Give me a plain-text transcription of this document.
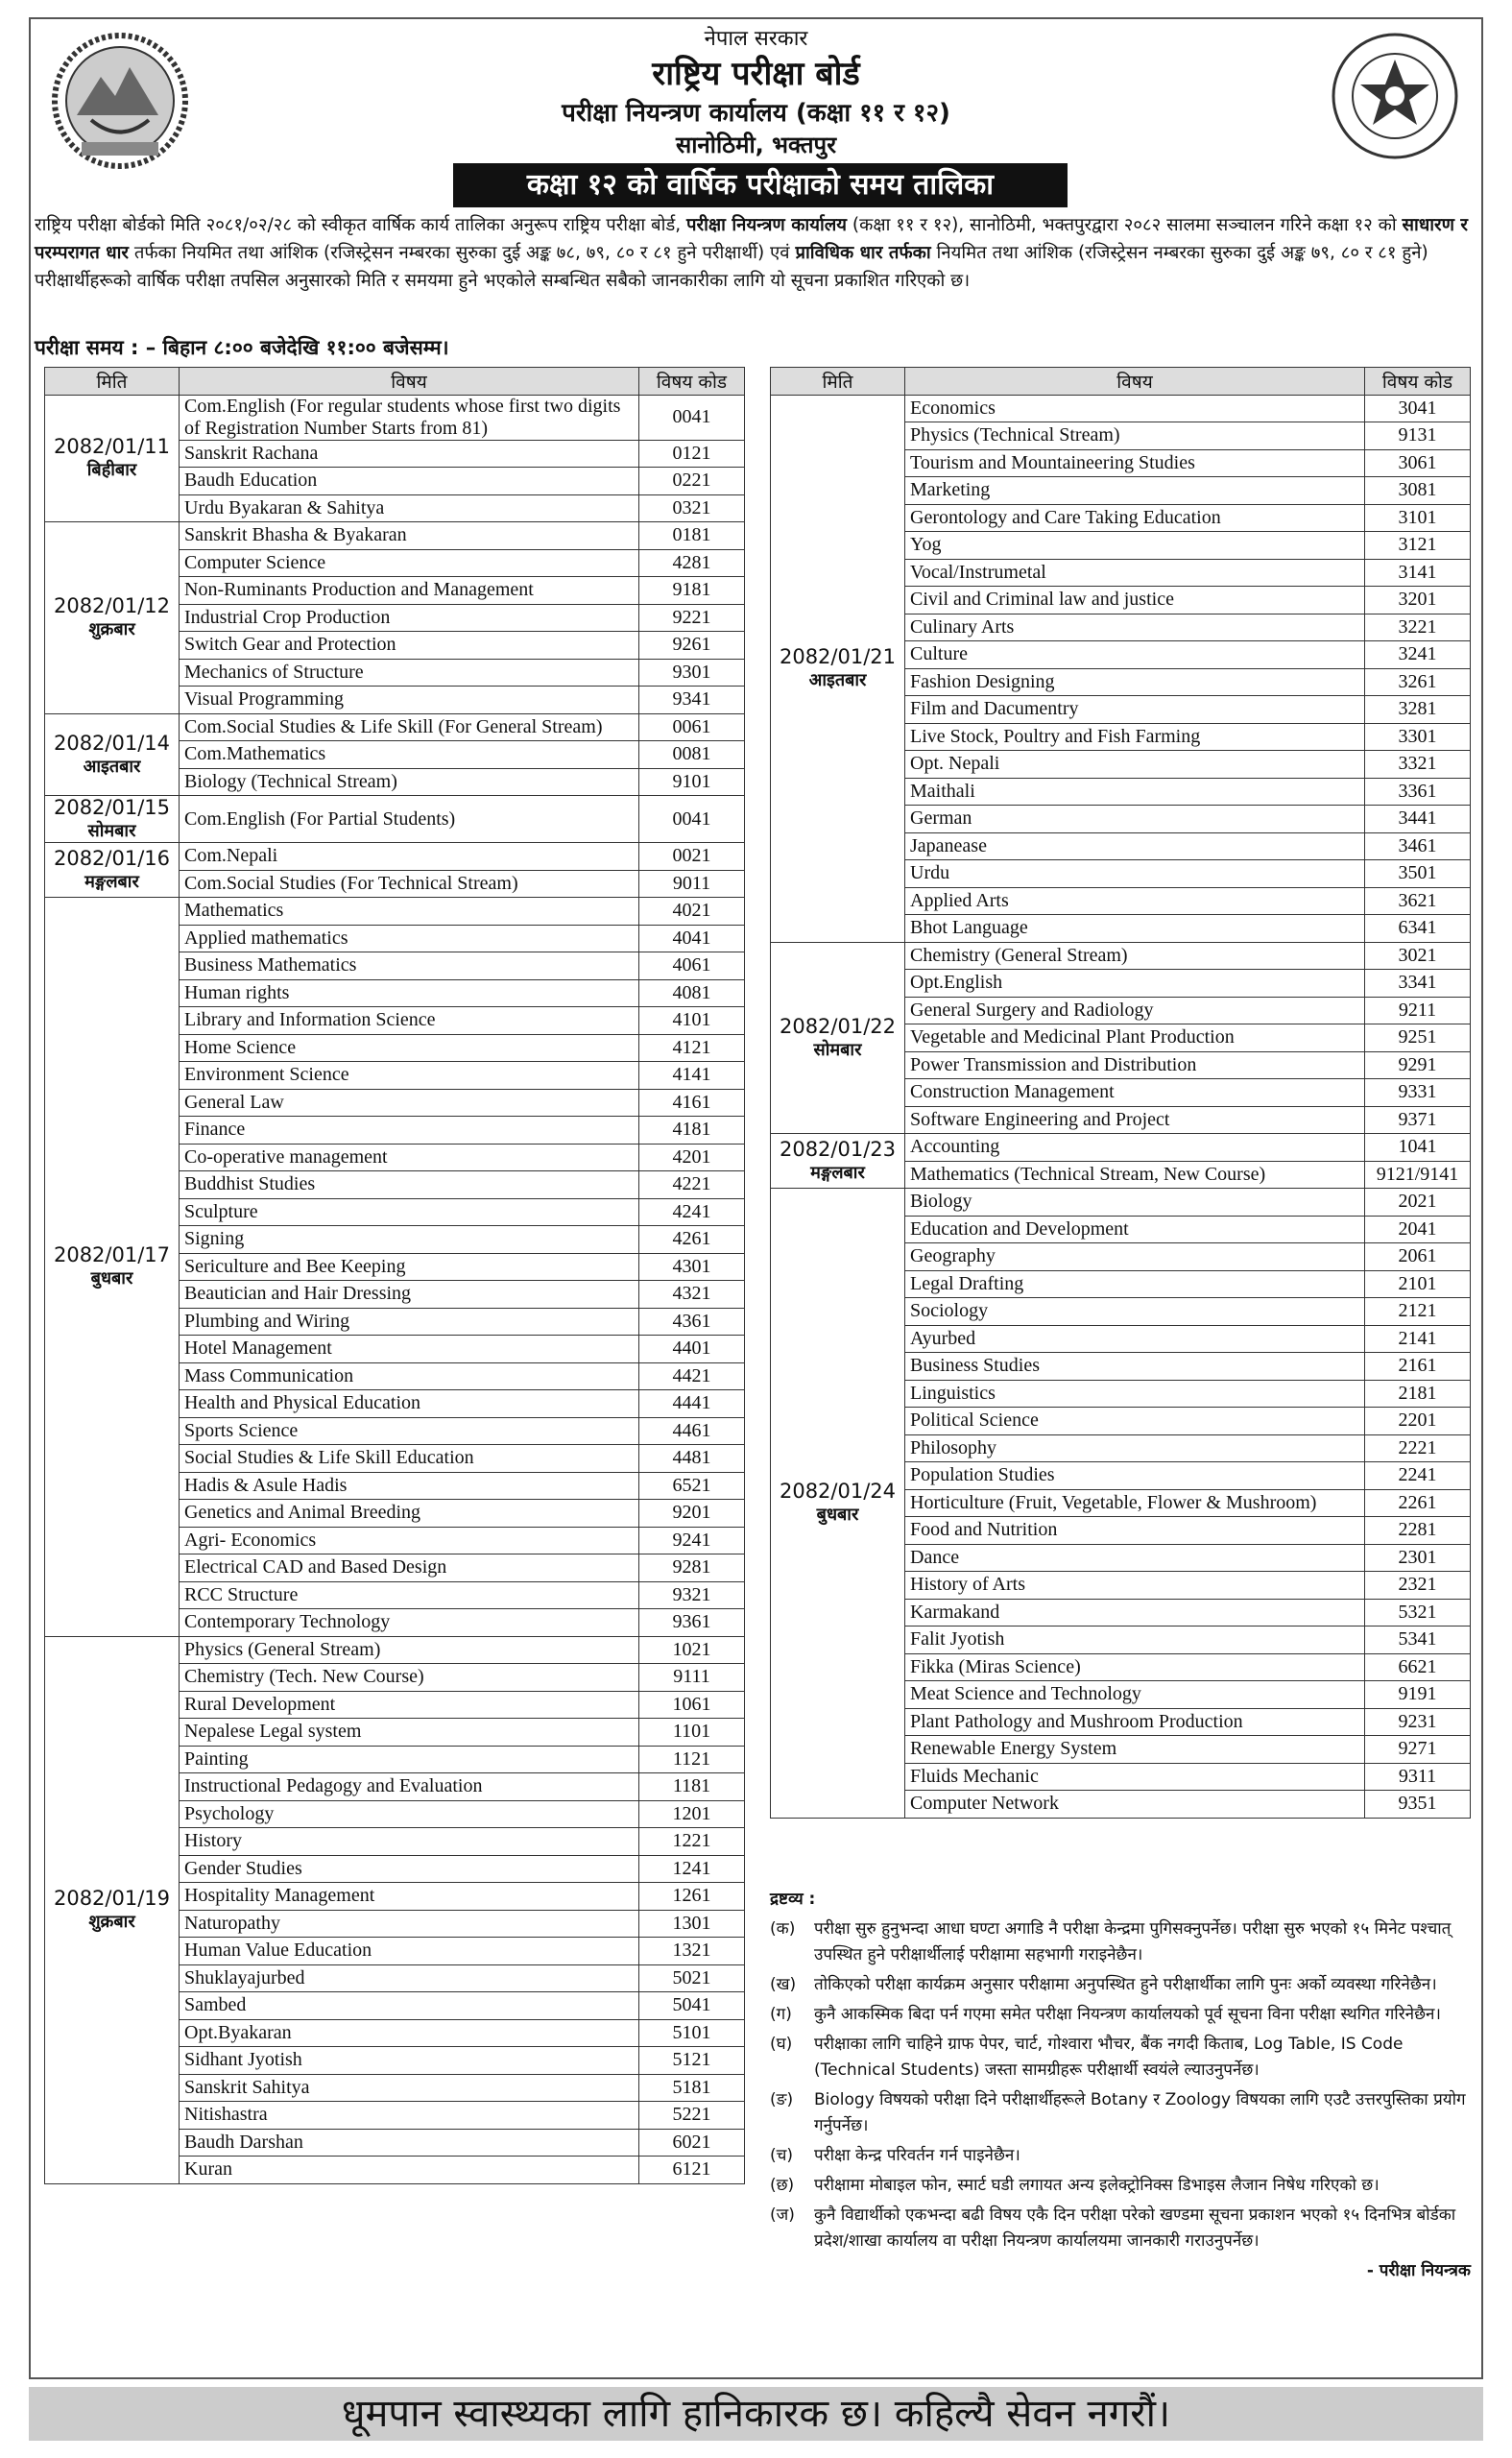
नेपाल सरकार
राष्ट्रिय परीक्षा बोर्ड
परीक्षा नियन्त्रण कार्यालय (कक्षा ११ र १२)
सानोठिमी, भक्तपुर
कक्षा १२ को वार्षिक परीक्षाको समय तालिका
राष्ट्रिय परीक्षा बोर्डको मिति २०८१/०२/२८ को स्वीकृत वार्षिक कार्य तालिका अनुरूप राष्ट्रिय परीक्षा बोर्ड, परीक्षा नियन्त्रण कार्यालय (कक्षा ११ र १२), सानोठिमी, भक्तपुरद्वारा २०८२ सालमा सञ्चालन गरिने कक्षा १२ को साधारण र परम्परागत धार तर्फका नियमित तथा आंशिक (रजिस्ट्रेसन नम्बरका सुरुका दुई अङ्क ७८, ७९, ८० र ८१ हुने परीक्षार्थी) एवं प्राविधिक धार तर्फका नियमित तथा आंशिक (रजिस्ट्रेसन नम्बरका सुरुका दुई अङ्क ७९, ८० र ८१ हुने) परीक्षार्थीहरूको वार्षिक परीक्षा तपसिल अनुसारको मिति र समयमा हुने भएकोले सम्बन्धित सबैको जानकारीका लागि यो सूचना प्रकाशित गरिएको छ।
परीक्षा समय : – बिहान ८:०० बजेदेखि ११:०० बजेसम्म।
मिति	विषय	विषय कोड

2082/01/11
बिहीबार	Com.English (For regular students whose first two digits of Registration Number Starts from 81)	0041
	Sanskrit Rachana	0121
	Baudh Education	0221
	Urdu Byakaran & Sahitya	0321

2082/01/12
शुक्रबार	Sanskrit Bhasha & Byakaran	0181
	Computer Science	4281
	Non-Ruminants Production and Management	9181
	Industrial Crop Production	9221
	Switch Gear and Protection	9261
	Mechanics of Structure	9301
	Visual Programming	9341

2082/01/14
आइतबार	Com.Social Studies & Life Skill (For General Stream)	0061
	Com.Mathematics	0081
	Biology (Technical Stream)	9101

2082/01/15
सोमबार	Com.English (For Partial Students)	0041

2082/01/16
मङ्गलबार	Com.Nepali	0021
	Com.Social Studies (For Technical Stream)	9011

2082/01/17
बुधबार	Mathematics	4021
	Applied mathematics	4041
	Business Mathematics	4061
	Human rights	4081
	Library and Information Science	4101
	Home Science	4121
	Environment Science	4141
	General Law	4161
	Finance	4181
	Co-operative management	4201
	Buddhist Studies	4221
	Sculpture	4241
	Signing	4261
	Sericulture and Bee Keeping	4301
	Beautician and Hair Dressing	4321
	Plumbing and Wiring	4361
	Hotel Management	4401
	Mass Communication	4421
	Health and Physical Education	4441
	Sports Science	4461
	Social Studies & Life Skill Education	4481
	Hadis & Asule Hadis	6521
	Genetics and Animal Breeding	9201
	Agri- Economics	9241
	Electrical CAD and Based Design	9281
	RCC Structure	9321
	Contemporary Technology	9361

2082/01/19
शुक्रबार	Physics (General Stream)	1021
	Chemistry (Tech. New Course)	9111
	Rural Development	1061
	Nepalese Legal system	1101
	Painting	1121
	Instructional Pedagogy and Evaluation	1181
	Psychology	1201
	History	1221
	Gender Studies	1241
	Hospitality Management	1261
	Naturopathy	1301
	Human Value Education	1321
	Shuklayajurbed	5021
	Sambed	5041
	Opt.Byakaran	5101
	Sidhant Jyotish	5121
	Sanskrit Sahitya	5181
	Nitishastra	5221
	Baudh Darshan	6021
	Kuran	6121
मिति	विषय	विषय कोड

2082/01/21
आइतबार	Economics	3041
	Physics (Technical Stream)	9131
	Tourism and Mountaineering Studies	3061
	Marketing	3081
	Gerontology and Care Taking Education	3101
	Yog	3121
	Vocal/Instrumetal	3141
	Civil and Criminal law and justice	3201
	Culinary Arts	3221
	Culture	3241
	Fashion Designing	3261
	Film and Dacumentry	3281
	Live Stock, Poultry and Fish Farming	3301
	Opt. Nepali	3321
	Maithali	3361
	German	3441
	Japanease	3461
	Urdu	3501
	Applied Arts	3621
	Bhot Language	6341

2082/01/22
सोमबार	Chemistry (General Stream)	3021
	Opt.English	3341
	General Surgery and Radiology	9211
	Vegetable and Medicinal Plant Production	9251
	Power Transmission and Distribution	9291
	Construction Management	9331
	Software Engineering and Project	9371

2082/01/23
मङ्गलबार	Accounting	1041
	Mathematics (Technical Stream, New Course)	9121/9141

2082/01/24
बुधबार	Biology	2021
	Education and Development	2041
	Geography	2061
	Legal Drafting	2101
	Sociology	2121
	Ayurbed	2141
	Business Studies	2161
	Linguistics	2181
	Political Science	2201
	Philosophy	2221
	Population Studies	2241
	Horticulture (Fruit, Vegetable, Flower & Mushroom)	2261
	Food and Nutrition	2281
	Dance	2301
	History of Arts	2321
	Karmakand	5321
	Falit Jyotish	5341
	Fikka (Miras Science)	6621
	Meat Science and Technology	9191
	Plant Pathology and Mushroom Production	9231
	Renewable Energy System	9271
	Fluids Mechanic	9311
	Computer Network	9351
द्रष्टव्य :
(क)	परीक्षा सुरु हुनुभन्दा आधा घण्टा अगाडि नै परीक्षा केन्द्रमा पुगिसक्नुपर्नेछ। परीक्षा सुरु भएको १५ मिनेट पश्चात् उपस्थित हुने परीक्षार्थीलाई परीक्षामा सहभागी गराइनेछैन।
(ख)	तोकिएको परीक्षा कार्यक्रम अनुसार परीक्षामा अनुपस्थित हुने परीक्षार्थीका लागि पुनः अर्को व्यवस्था गरिनेछैन।
(ग)	कुनै आकस्मिक बिदा पर्न गएमा समेत परीक्षा नियन्त्रण कार्यालयको पूर्व सूचना विना परीक्षा स्थगित गरिनेछैन।
(घ)	परीक्षाका लागि चाहिने ग्राफ पेपर, चार्ट, गोश्वारा भौचर, बैंक नगदी किताब, Log Table, IS Code (Technical Students) जस्ता सामग्रीहरू परीक्षार्थी स्वयंले ल्याउनुपर्नेछ।
(ङ)	Biology विषयको परीक्षा दिने परीक्षार्थीहरूले Botany र Zoology विषयका लागि एउटै उत्तरपुस्तिका प्रयोग गर्नुपर्नेछ।
(च)	परीक्षा केन्द्र परिवर्तन गर्न पाइनेछैन।
(छ)	परीक्षामा मोबाइल फोन, स्मार्ट घडी लगायत अन्य इलेक्ट्रोनिक्स डिभाइस लैजान निषेध गरिएको छ।
(ज)	कुनै विद्यार्थीको एकभन्दा बढी विषय एकै दिन परीक्षा परेको खण्डमा सूचना प्रकाशन भएको १५ दिनभित्र बोर्डका प्रदेश/शाखा कार्यालय वा परीक्षा नियन्त्रण कार्यालयमा जानकारी गराउनुपर्नेछ।
- परीक्षा नियन्त्रक
धूमपान स्वास्थ्यका लागि हानिकारक छ। कहिल्यै सेवन नगरौं।
